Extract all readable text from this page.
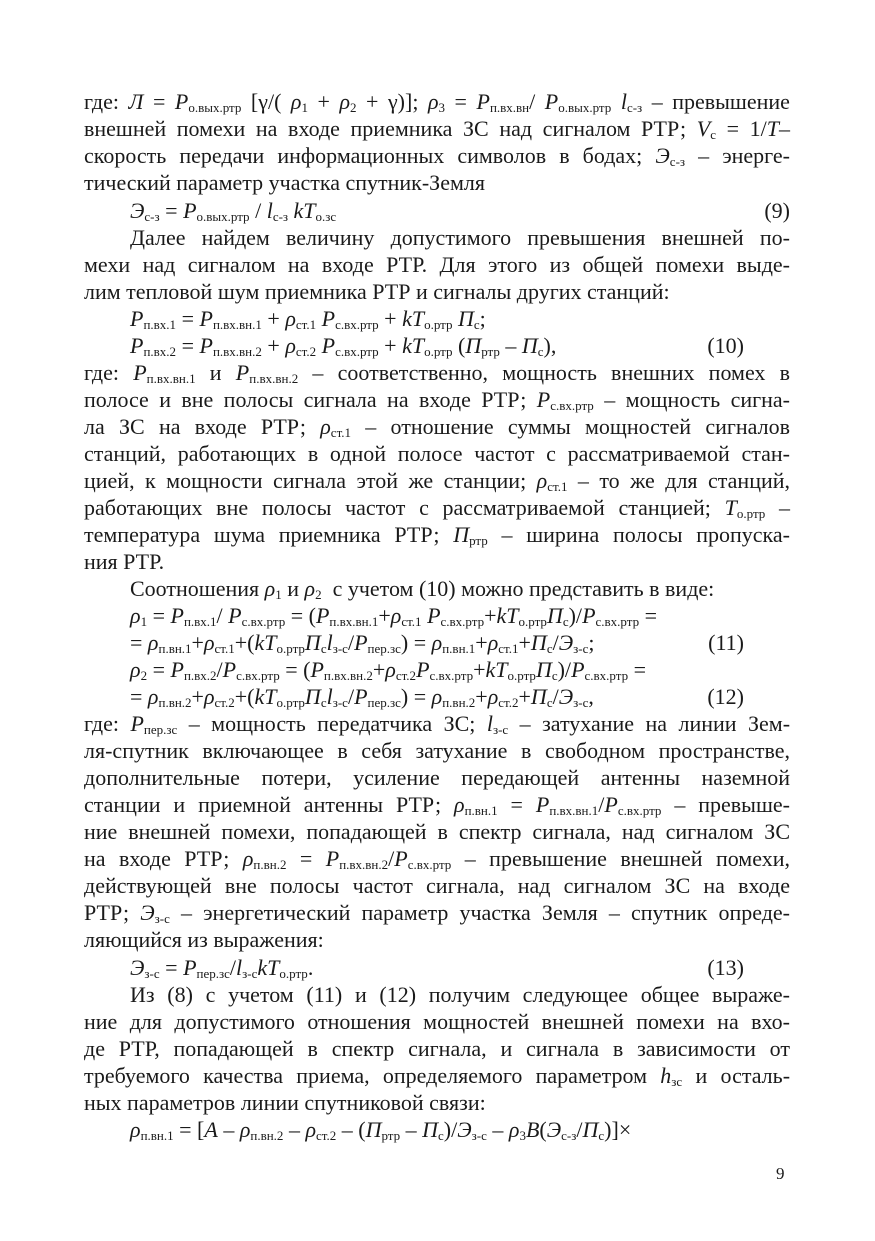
где: $Л = P_{о.вых.ртр}$ [γ/( $\rho_1 + \rho_2 + \gamma$)]; $\rho_3 = P_{п.вх.вн}/$ $P_{о.вых.ртр}$ $l_{с-з}$ – превышение
внешней помехи на входе приемника ЗС над сигналом РТР; $V_с = 1/T-$
скорость передачи информационных символов в бодах; $Э_{с-з}$ – энерге-
тический параметр участка спутник-Земля
$Э_{с-з} = P_{о.вых.ртр} / l_{с-з}$ $kT_{о.зс}$	(9)
Далее найдем величину допустимого превышения внешней по-
мехи над сигналом на входе РТР. Для этого из общей помехи выде-
лим тепловой шум приемника РТР и сигналы других станций:
$P_{п.вх.1} = P_{п.вх.вн.1} + \rho_{ст.1}$ $P_{с.вх.ртр} + kT_{о.ртр}$ $П_с$;
$P_{п.вх.2} = P_{п.вх.вн.2} + \rho_{ст.2}$ $P_{с.вх.ртр} + kT_{о.ртр}$ $(П_{ртр} - П_с)$,	(10)
где: $P_{п.вх.вн.1}$ и $P_{п.вх.вн.2}$ – соответственно, мощность внешних помех в
полосе и вне полосы сигнала на входе РТР; $P_{с.вх.ртр}$ – мощность сигна-
ла ЗС на входе РТР; $\rho_{ст.1}$ – отношение суммы мощностей сигналов
станций, работающих в одной полосе частот с рассматриваемой стан-
цией, к мощности сигнала этой же станции; $\rho_{ст.1}$ – то же для станций,
работающих вне полосы частот с рассматриваемой станцией; $T_{о.ртр}$ –
температура шума приемника РТР; $П_{ртр}$ – ширина полосы пропуска-
ния РТР.
Соотношения $\rho_1$ и $\rho_2$ с учетом (10) можно представить в виде:
$\rho_1 = P_{п.вх.1}/$ $P_{с.вх.ртр} = (P_{п.вх.вн.1}+\rho_{ст.1}$ $P_{с.вх.ртр}+kT_{о.ртр}П_с)/P_{с.вх.ртр}$ =
= $\rho_{п.вн.1}+\rho_{ст.1}+(kT_{о.ртр}П_сl_{з-с}/P_{пер.зс}) = \rho_{п.вн.1}+\rho_{ст.1}+П_с/Э_{з-с}$;	(11)
$\rho_2 = P_{п.вх.2}/P_{с.вх.ртр} = (P_{п.вх.вн.2}+\rho_{ст.2}P_{с.вх.ртр}+kT_{о.ртр}П_с)/P_{с.вх.ртр}$ =
= $\rho_{п.вн.2}+\rho_{ст.2}+(kT_{о.ртр}П_сl_{з-с}/P_{пер.зс}) = \rho_{п.вн.2}+\rho_{ст.2}+П_с/Э_{з-с}$,	(12)
где: $P_{пер.зс}$ – мощность передатчика ЗС; $l_{з-с}$ – затухание на линии Зем-
ля-спутник включающее в себя затухание в свободном пространстве,
дополнительные потери, усиление передающей антенны наземной
станции и приемной антенны РТР; $\rho_{п.вн.1} = P_{п.вх.вн.1}/P_{с.вх.ртр}$ – превыше-
ние внешней помехи, попадающей в спектр сигнала, над сигналом ЗС
на входе РТР; $\rho_{п.вн.2} = P_{п.вх.вн.2}/P_{с.вх.ртр}$ – превышение внешней помехи,
действующей вне полосы частот сигнала, над сигналом ЗС на входе
РТР; $Э_{з-с}$ – энергетический параметр участка Земля – спутник опреде-
ляющийся из выражения:
$Э_{з-с} = P_{пер.зс}/l_{з-с}kT_{о.ртр}$.	(13)
Из (8) с учетом (11) и (12) получим следующее общее выраже-
ние для допустимого отношения мощностей внешней помехи на вхо-
де РТР, попадающей в спектр сигнала, и сигнала в зависимости от
требуемого качества приема, определяемого параметром $h_{зс}$ и осталь-
ных параметров линии спутниковой связи:
$\rho_{п.вн.1} = [A - \rho_{п.вн.2} - \rho_{ст.2} - (П_{ртр} - П_с)/Э_{з-с} - \rho_3B(Э_{с-з}/П_с)]\times$
9
